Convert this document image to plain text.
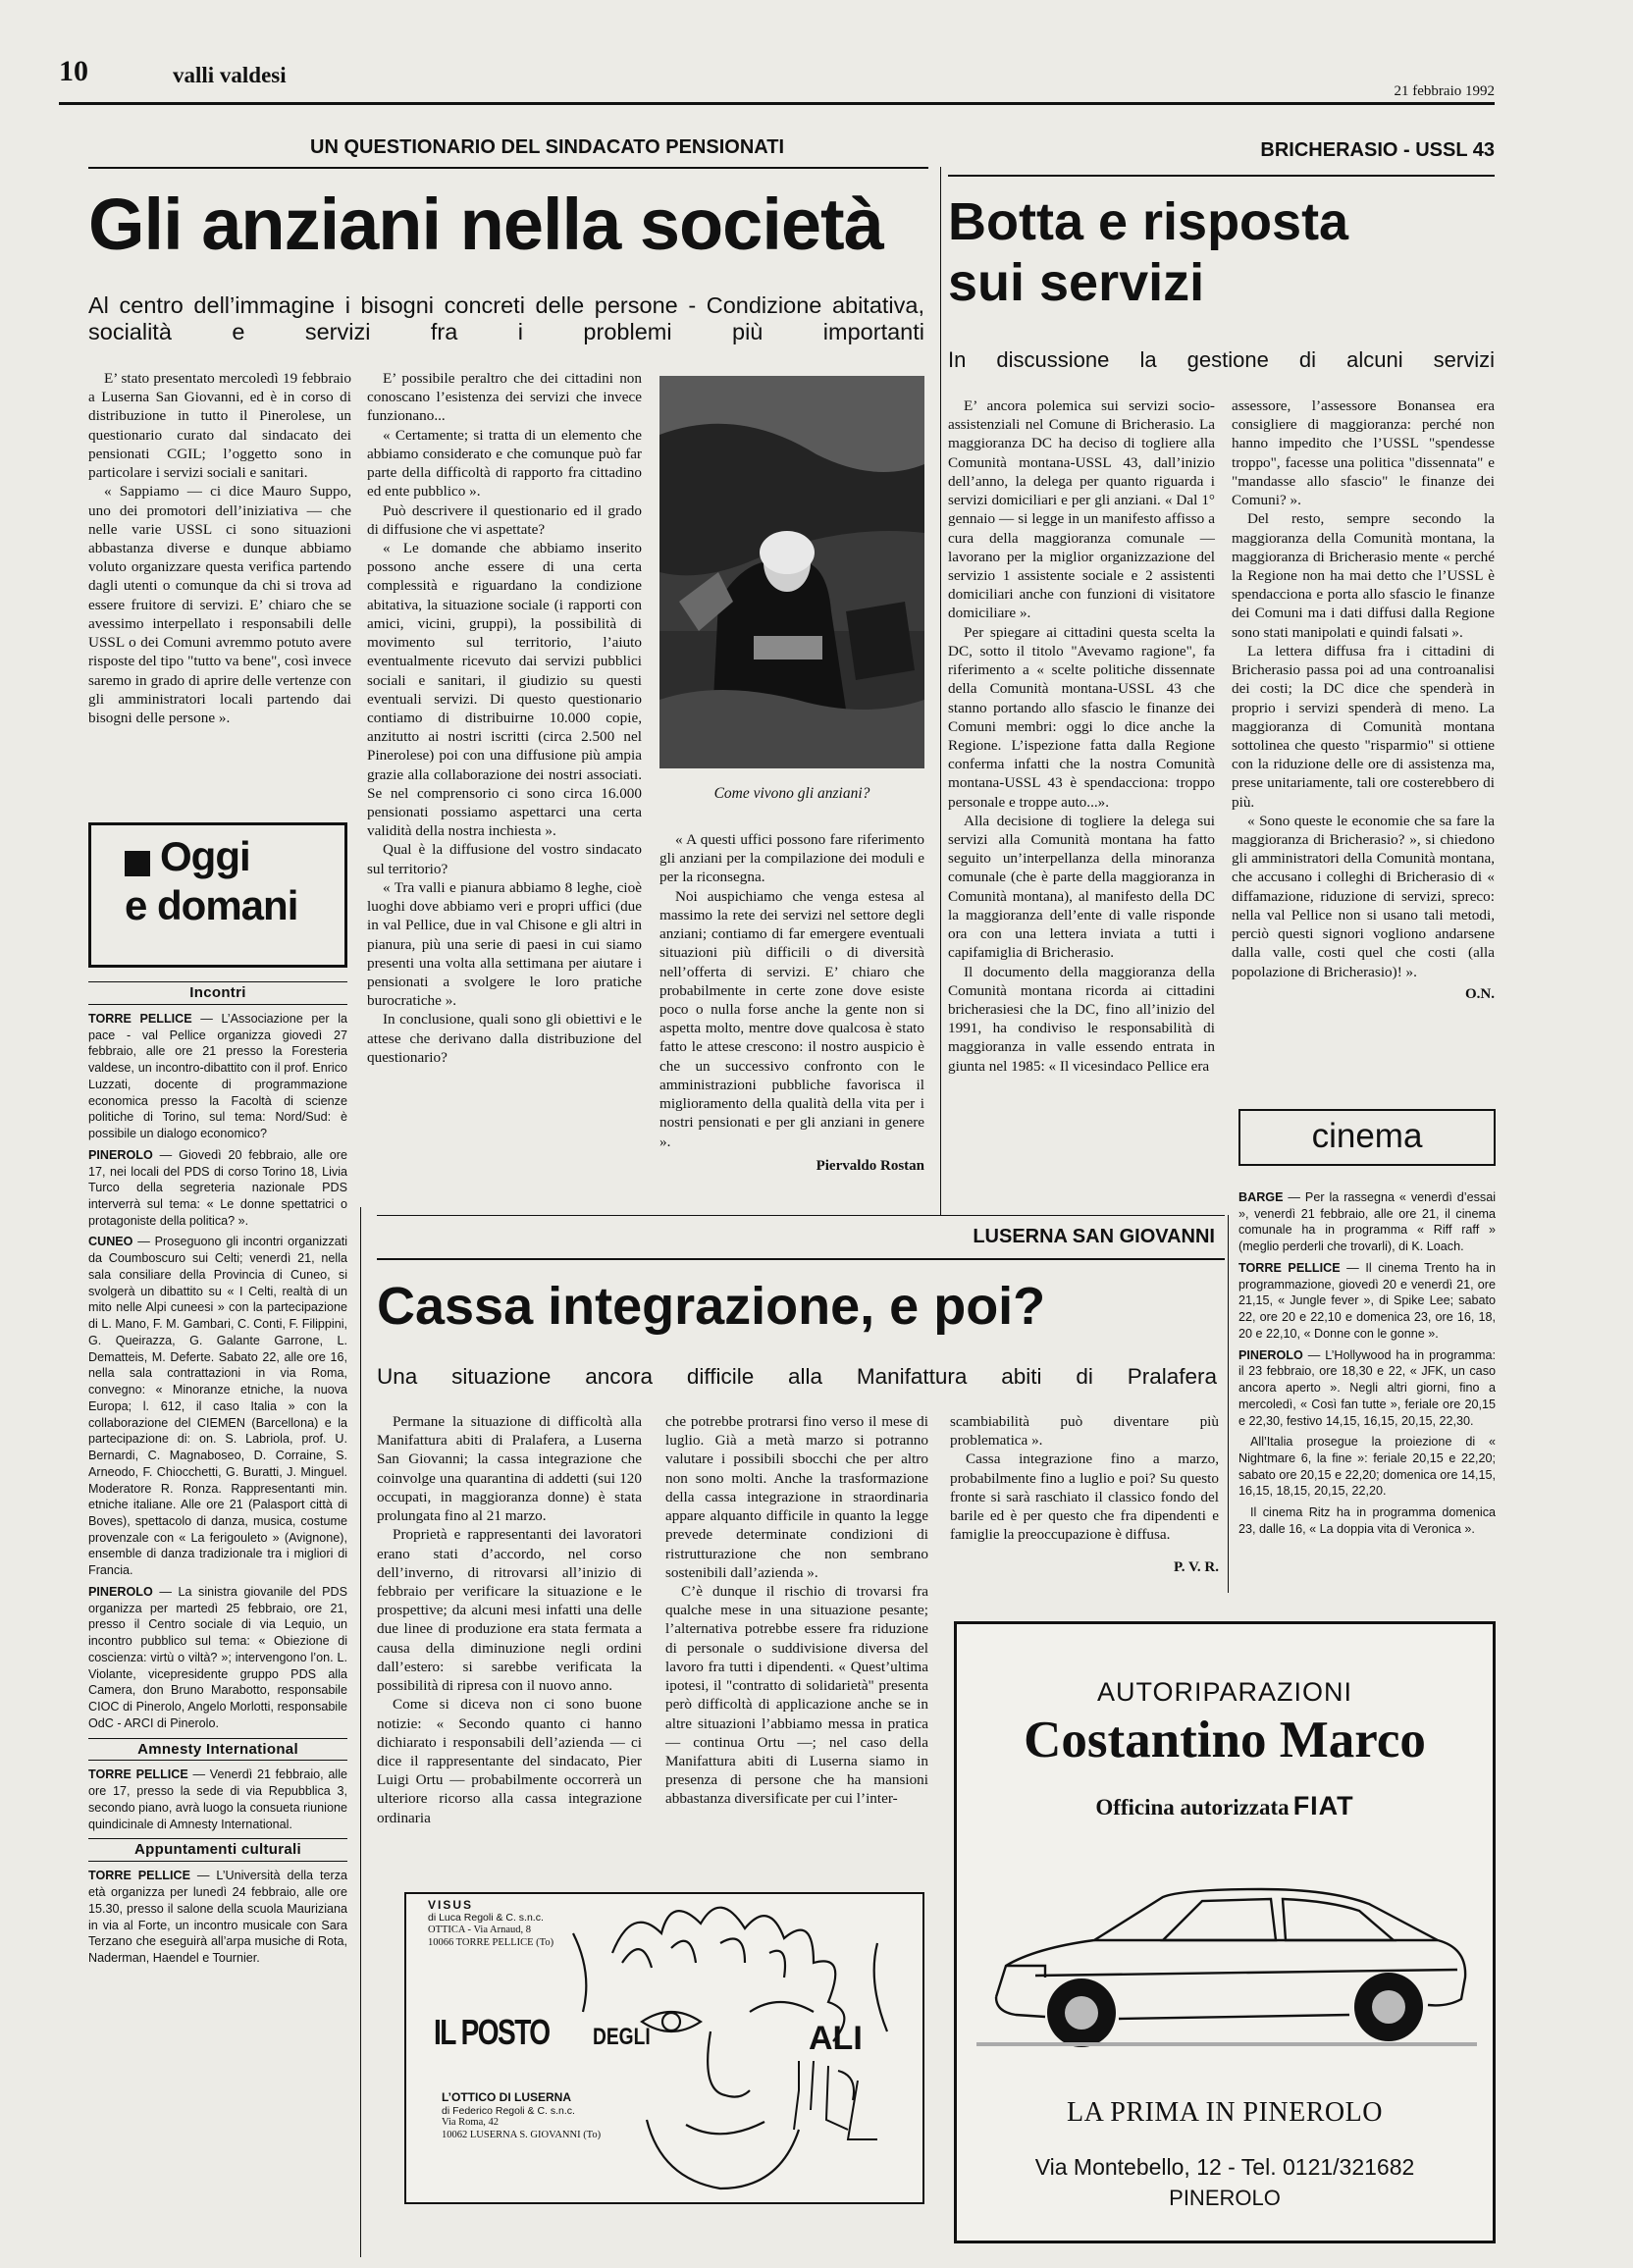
10	valli valdesi
21 febbraio 1992
UN QUESTIONARIO DEL SINDACATO PENSIONATI
Gli anziani nella società
Al centro dell’immagine i bisogni concreti delle persone - Condizione abitativa, socialità e servizi fra i problemi più importanti

E’ stato presentato mercoledì 19 febbraio a Luserna San Giovanni, ed è in corso di distribuzione in tutto il Pinerolese, un questionario curato dal sindacato dei pensionati CGIL; l’oggetto sono in particolare i servizi sociali e sanitari.

« Sappiamo — ci dice Mauro Suppo, uno dei promotori dell’iniziativa — che nelle varie USSL ci sono situazioni abbastanza diverse e dunque abbiamo voluto organizzare questa verifica partendo dagli utenti o comunque da chi si trova ad essere fruitore di servizi. E’ chiaro che se avessimo interpellato i responsabili delle USSL o dei Comuni avremmo potuto avere risposte del tipo "tutto va bene", così invece saremo in grado di aprire delle vertenze con gli amministratori locali partendo dai bisogni delle persone ».

E’ possibile peraltro che dei cittadini non conoscano l’esistenza dei servizi che invece funzionano...

« Certamente; si tratta di un elemento che abbiamo considerato e che comunque può far parte della difficoltà di rapporto fra cittadino ed ente pubblico ».

Può descrivere il questionario ed il grado di diffusione che vi aspettate?

« Le domande che abbiamo inserito possono anche essere di una certa complessità e riguardano la condizione abitativa, la situazione sociale (i rapporti con amici, vicini, gruppi), la possibilità di movimento sul territorio, l’aiuto eventualmente ricevuto dai servizi pubblici sociali e sanitari, il giudizio su questi eventuali servizi. Di questo questionario contiamo di distribuirne 10.000 copie, anzitutto ai nostri iscritti (circa 2.500 nel Pinerolese) poi con una diffusione più ampia grazie alla collaborazione dei nostri associati. Se nel comprensorio ci sono circa 16.000 pensionati possiamo aspettarci una certa validità della nostra inchiesta ».

Qual è la diffusione del vostro sindacato sul territorio?

« Tra valli e pianura abbiamo 8 leghe, cioè luoghi dove abbiamo veri e propri uffici (due in val Pellice, due in val Chisone e gli altri in pianura, più una serie di paesi in cui siamo presenti una volta alla settimana per aiutare i pensionati a svolgere le loro pratiche burocratiche ».

In conclusione, quali sono gli obiettivi e le attese che derivano dalla distribuzione del questionario?

Come vivono gli anziani?

« A questi uffici possono fare riferimento gli anziani per la compilazione dei moduli e per la riconsegna.

Noi auspichiamo che venga estesa al massimo la rete dei servizi nel settore degli anziani; contiamo di far emergere eventuali situazioni più difficili o di diversità nell’offerta di servizi. E’ chiaro che probabilmente in certe zone dove esiste poco o nulla forse anche la gente non si aspetta molto, mentre dove qualcosa è stato fatto le attese crescono: il nostro auspicio è che un successivo confronto con le amministrazioni pubbliche favorisca il miglioramento della qualità della vita per i nostri pensionati e per gli anziani in genere ».

Piervaldo Rostan

BRICHERASIO - USSL 43
Botta e risposta
sui servizi
In discussione la gestione di alcuni servizi

E’ ancora polemica sui servizi socio-assistenziali nel Comune di Bricherasio. La maggioranza DC ha deciso di togliere alla Comunità montana-USSL 43, dall’inizio dell’anno, la delega per quanto riguarda i servizi domiciliari e per gli anziani. « Dal 1° gennaio — si legge in un manifesto affisso a cura della maggioranza comunale — lavorano per la miglior organizzazione del servizio 1 assistente sociale e 2 assistenti domiciliari anche con funzioni di visitatore domiciliare ».

Per spiegare ai cittadini questa scelta la DC, sotto il titolo "Avevamo ragione", fa riferimento a « scelte politiche dissennate della Comunità montana-USSL 43 che stanno portando allo sfascio le finanze dei Comuni membri: oggi lo dice anche la Regione. L’ispezione fatta dalla Regione conferma infatti che la nostra Comunità montana-USSL 43 è spendacciona: troppo personale e troppe auto...».

Alla decisione di togliere la delega sui servizi alla Comunità montana ha fatto seguito un’interpellanza della minoranza comunale (che è parte della maggioranza in Comunità montana), al manifesto della DC la maggioranza dell’ente di valle risponde ora con una lettera inviata a tutti i capifamiglia di Bricherasio.

Il documento della maggioranza della Comunità montana ricorda ai cittadini bricherasiesi che la DC, fino all’inizio del 1991, ha condiviso le responsabilità di maggioranza in valle essendo entrata in giunta nel 1985: « Il vicesindaco Pellice era

assessore, l’assessore Bonansea era consigliere di maggioranza: perché non hanno impedito che l’USSL "spendesse troppo", facesse una politica "dissennata" e "mandasse allo sfascio" le finanze dei Comuni? ».

Del resto, sempre secondo la maggioranza della Comunità montana, la maggioranza di Bricherasio mente « perché la Regione non ha mai detto che l’USSL è spendacciona e porta allo sfascio le finanze dei Comuni ma i dati diffusi dalla Regione sono stati manipolati e quindi falsati ».

La lettera diffusa fra i cittadini di Bricherasio passa poi ad una controanalisi dei costi; la DC dice che spenderà in proprio i servizi spenderà di meno. La maggioranza di Comunità montana sottolinea che questo "risparmio" si ottiene con la riduzione delle ore di assistenza ma, prese unitariamente, tali ore costerebbero di più.

« Sono queste le economie che sa fare la maggioranza di Bricherasio? », si chiedono gli amministratori della Comunità montana, che accusano i colleghi di Bricherasio di « diffamazione, riduzione di servizi, spreco: nella val Pellice non si usano tali metodi, perciò questi signori vogliono andarsene dalla valle, costi quel che costi (alla popolazione di Bricherasio)! ».

O.N.

cinema

BARGE — Per la rassegna « venerdì d’essai », venerdì 21 febbraio, alle ore 21, il cinema comunale ha in programma « Riff raff » (meglio perderli che trovarli), di K. Loach.

TORRE PELLICE — Il cinema Trento ha in programmazione, giovedì 20 e venerdì 21, ore 21,15, « Jungle fever », di Spike Lee; sabato 22, ore 20 e 22,10 e domenica 23, ore 16, 18, 20 e 22,10, « Donne con le gonne ».

PINEROLO — L’Hollywood ha in programma: il 23 febbraio, ore 18,30 e 22, « JFK, un caso ancora aperto ». Negli altri giorni, fino a mercoledì, « Così fan tutte », feriale ore 20,15 e 22,30, festivo 14,15, 16,15, 20,15, 22,30.

All’Italia prosegue la proiezione di « Nightmare 6, la fine »: feriale 20,15 e 22,20; sabato ore 20,15 e 22,20; domenica ore 14,15, 16,15, 18,15, 20,15, 22,20.

Il cinema Ritz ha in programma domenica 23, dalle 16, « La doppia vita di Veronica ».

Oggi
e domani
Incontri

TORRE PELLICE — L’Associazione per la pace - val Pellice organizza giovedì 27 febbraio, alle ore 21 presso la Foresteria valdese, un incontro-dibattito con il prof. Enrico Luzzati, docente di programmazione economica presso la Facoltà di scienze politiche di Torino, sul tema: Nord/Sud: è possibile un dialogo economico?

PINEROLO — Giovedì 20 febbraio, alle ore 17, nei locali del PDS di corso Torino 18, Livia Turco della segreteria nazionale PDS interverrà sul tema: « Le donne spettatrici o protagoniste della politica? ».

CUNEO — Proseguono gli incontri organizzati da Coumboscuro sui Celti; venerdì 21, nella sala consiliare della Provincia di Cuneo, si svolgerà un dibattito su « I Celti, realtà di un mito nelle Alpi cuneesi » con la partecipazione di L. Mano, F. M. Gambari, C. Conti, F. Filippini, G. Queirazza, G. Galante Garrone, L. Dematteis, M. Deferte. Sabato 22, alle ore 16, nella sala contrattazioni in via Roma, convegno: « Minoranze etniche, la nuova Europa; l. 612, il caso Italia » con la collaborazione del CIEMEN (Barcellona) e la partecipazione di: on. S. Labriola, prof. U. Bernardi, C. Magnaboseo, D. Corraine, S. Arneodo, F. Chiocchetti, G. Buratti, J. Minguel. Moderatore R. Ronza. Rappresentanti min. etniche italiane. Alle ore 21 (Palasport città di Boves), spettacolo di danza, musica, costume provenzale con « La ferigouleto » (Avignone), ensemble di danza tradizionale tra i migliori di Francia.

PINEROLO — La sinistra giovanile del PDS organizza per martedì 25 febbraio, ore 21, presso il Centro sociale di via Lequio, un incontro pubblico sul tema: « Obiezione di coscienza: virtù o viltà? »; intervengono l’on. L. Violante, vicepresidente gruppo PDS alla Camera, don Bruno Marabotto, responsabile CIOC di Pinerolo, Angelo Morlotti, responsabile OdC - ARCI di Pinerolo.

Amnesty International

TORRE PELLICE — Venerdì 21 febbraio, alle ore 17, presso la sede di via Repubblica 3, secondo piano, avrà luogo la consueta riunione quindicinale di Amnesty International.

Appuntamenti culturali

TORRE PELLICE — L’Università della terza età organizza per lunedì 24 febbraio, alle ore 15.30, presso il salone della scuola Mauriziana in via al Forte, un incontro musicale con Sara Terzano che eseguirà all’arpa musiche di Rota, Naderman, Haendel e Tournier.

LUSERNA SAN GIOVANNI
Cassa integrazione, e poi?
Una situazione ancora difficile alla Manifattura abiti di Pralafera

Permane la situazione di difficoltà alla Manifattura abiti di Pralafera, a Luserna San Giovanni; la cassa integrazione che coinvolge una quarantina di addetti (sui 120 occupati, in maggioranza donne) è stata prolungata fino al 21 marzo.

Proprietà e rappresentanti dei lavoratori erano stati d’accordo, nel corso dell’inverno, di ritrovarsi all’inizio di febbraio per verificare la situazione e le prospettive; da alcuni mesi infatti una delle due linee di produzione era stata fermata a causa della diminuzione negli ordini dall’estero: si sarebbe verificata la possibilità di ripresa con il nuovo anno.

Come si diceva non ci sono buone notizie: « Secondo quanto ci hanno dichiarato i responsabili dell’azienda — ci dice il rappresentante del sindacato, Pier Luigi Ortu — probabilmente occorrerà un ulteriore ricorso alla cassa integrazione ordinaria

che potrebbe protrarsi fino verso il mese di luglio. Già a metà marzo si potranno valutare i possibili sbocchi che per altro non sono molti. Anche la trasformazione della cassa integrazione in straordinaria appare alquanto difficile in quanto la legge prevede determinate condizioni di ristrutturazione che non sembrano sostenibili dall’azienda ».

C’è dunque il rischio di trovarsi fra qualche mese in una situazione pesante; l’alternativa potrebbe essere fra riduzione di personale o suddivisione diversa del lavoro fra tutti i dipendenti. « Quest’ultima ipotesi, il "contratto di solidarietà" presenta però difficoltà di applicazione anche se in altre situazioni l’abbiamo messa in pratica — continua Ortu —; nel caso della Manifattura abiti di Luserna siamo in presenza di persone che ha mansioni abbastanza diversificate per cui l’inter-

scambiabilità può diventare più problematica ».

Cassa integrazione fino a marzo, probabilmente fino a luglio e poi? Su questo fronte si sarà raschiato il classico fondo del barile ed è per questo che fra dipendenti e famiglie la preoccupazione è diffusa.

P. V. R.

VISUS
di Luca Regoli & C. s.n.c.
OTTICA - Via Arnaud, 8
10066 TORRE PELLICE (To)
IL POSTO DEGLI	ALI
L’OTTICO DI LUSERNA
di Federico Regoli & C. s.n.c.
Via Roma, 42
10062 LUSERNA S. GIOVANNI (To)
AUTORIPARAZIONI
Costantino Marco
Officina autorizzata FIAT
LA PRIMA IN PINEROLO
Via Montebello, 12 - Tel. 0121/321682
PINEROLO
